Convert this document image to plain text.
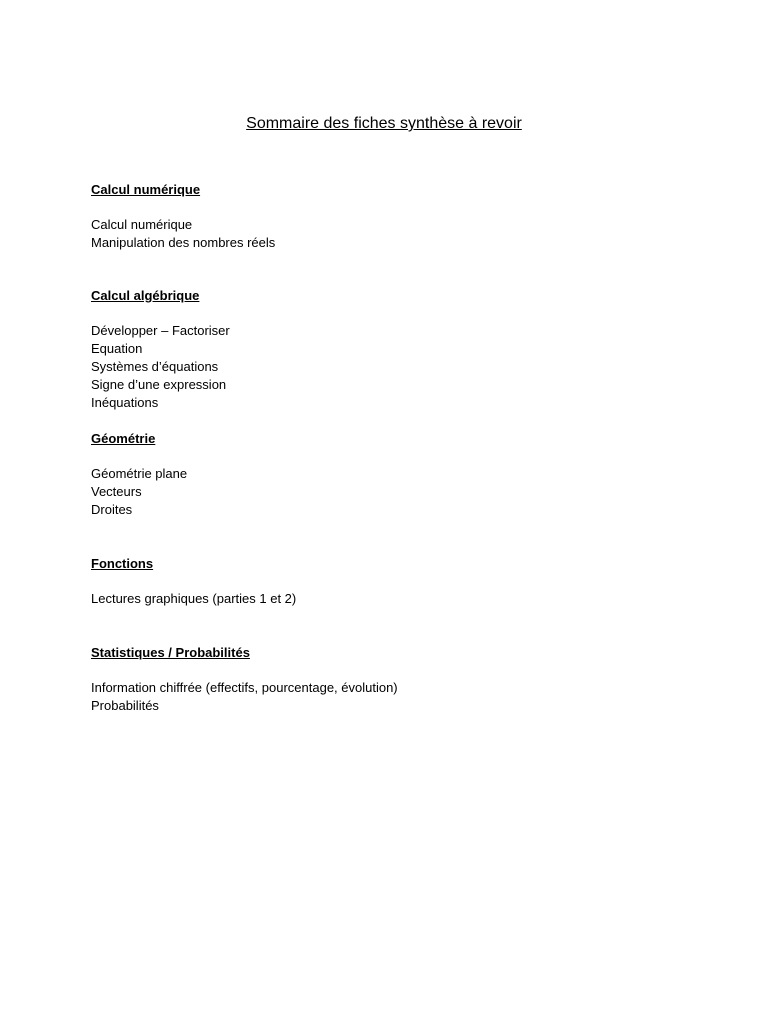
Sommaire des fiches synthèse à revoir
Calcul numérique
Calcul numérique
Manipulation des nombres réels
Calcul algébrique
Développer – Factoriser
Equation
Systèmes d’équations
Signe d’une expression
Inéquations
Géométrie
Géométrie plane
Vecteurs
Droites
Fonctions
Lectures graphiques (parties 1 et 2)
Statistiques / Probabilités
Information chiffrée (effectifs, pourcentage, évolution)
Probabilités
